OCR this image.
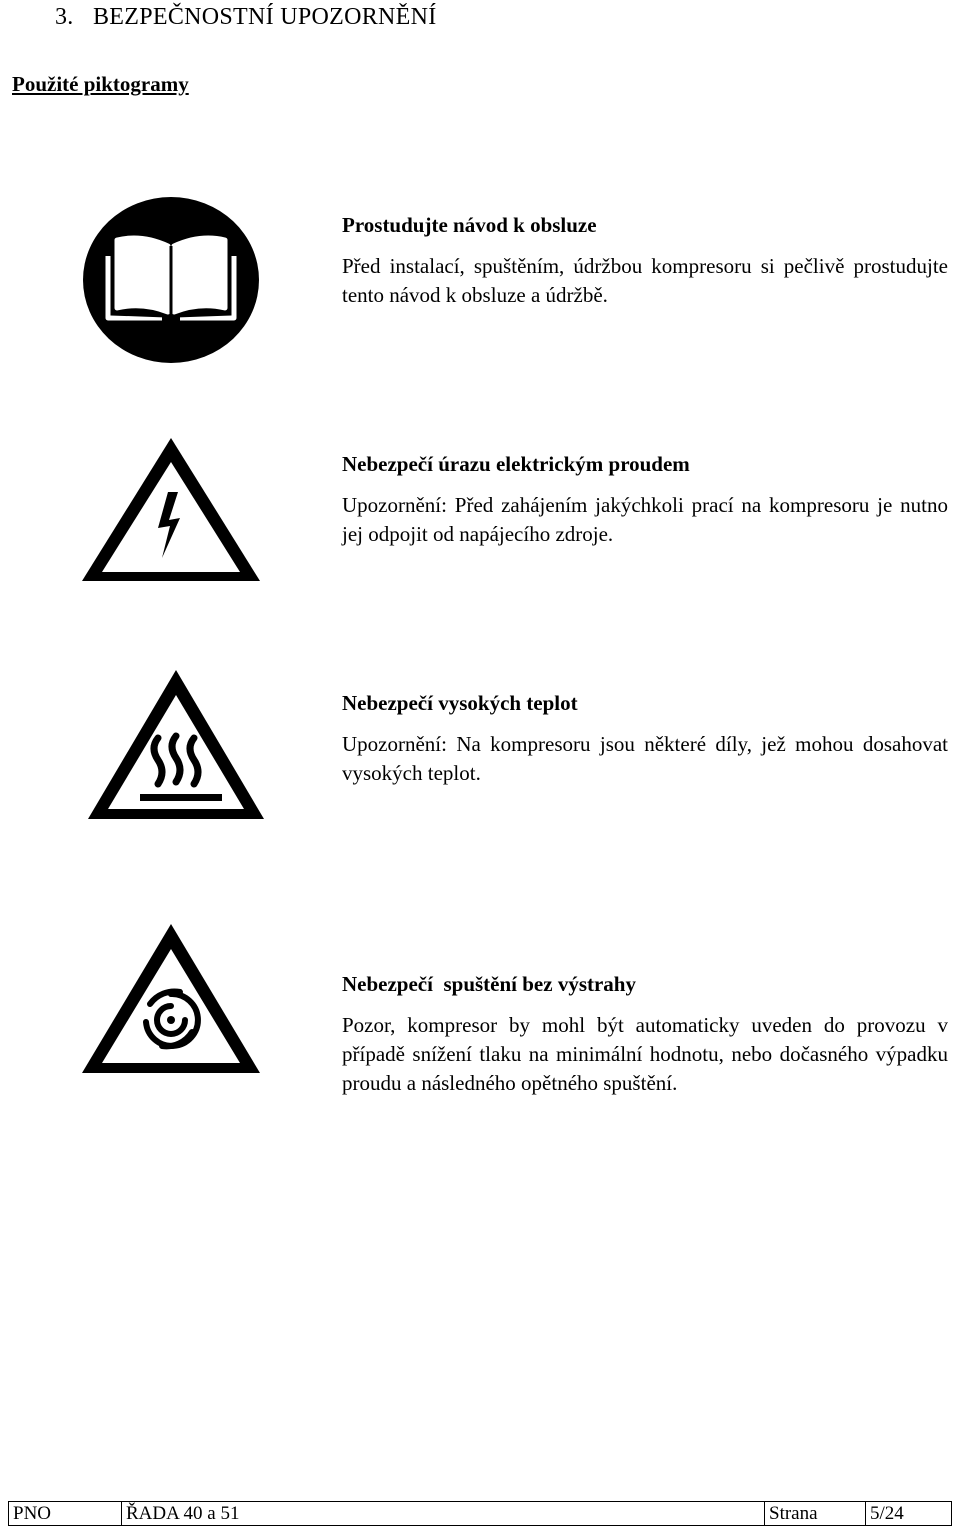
3. BEZPEČNOSTNÍ UPOZORNĚNÍ
Použité piktogramy
Prostudujte návod k obsluze

Před instalací, spuštěním, údržbou kompresoru si pečlivě prostudujte tento návod k obsluze a údržbě.

Nebezpečí úrazu elektrickým proudem

Upozornění: Před zahájením jakýchkoli prací na kompresoru je nutno jej odpojit od napájecího zdroje.

Nebezpečí vysokých teplot

Upozornění: Na kompresoru jsou některé díly, jež mohou dosahovat vysokých teplot.

Nebezpečí  spuštění bez výstrahy

Pozor, kompresor by mohl být automaticky uveden do provozu v případě snížení tlaku na minimální hodnotu, nebo dočasného výpadku proudu a následného opětného spuštění.

PNO	ŘADA 40 a 51	Strana	5/24
